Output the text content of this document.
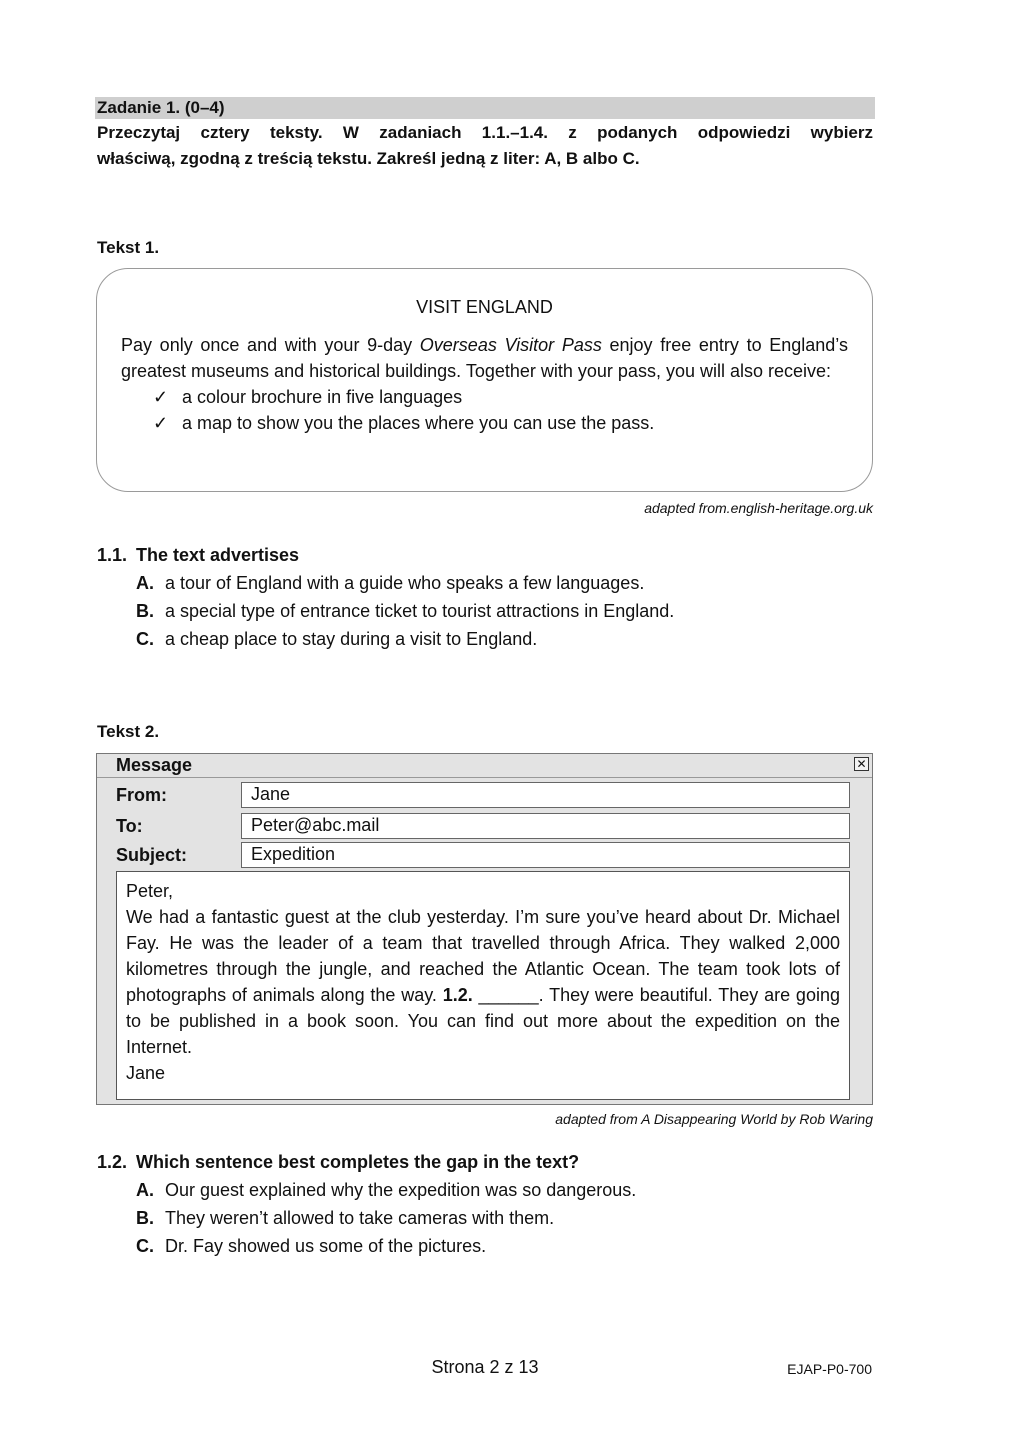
Zadanie 1. (0–4)
Przeczytaj cztery teksty. W zadaniach 1.1.–1.4. z podanych odpowiedzi wybierz
właściwą, zgodną z treścią tekstu. Zakreśl jedną z liter: A, B albo C.
Tekst 1.
VISIT ENGLAND
Pay only once and with your 9-day Overseas Visitor Pass enjoy free entry to England’s greatest museums and historical buildings. Together with your pass, you will also receive:
✓ a colour brochure in five languages
✓ a map to show you the places where you can use the pass.
adapted from.english-heritage.org.uk
1.1. The text advertises
A. a tour of England with a guide who speaks a few languages.
B. a special type of entrance ticket to tourist attractions in England.
C. a cheap place to stay during a visit to England.
Tekst 2.
Message	✕
From:	Jane
To:	Peter@abc.mail
Subject:	Expedition
Peter,
We had a fantastic guest at the club yesterday. I’m sure you’ve heard about Dr. Michael Fay. He was the leader of a team that travelled through Africa. They walked 2,000 kilometres through the jungle, and reached the Atlantic Ocean. The team took lots of photographs of animals along the way. 1.2. ______. They were beautiful. They are going to be published in a book soon. You can find out more about the expedition on the Internet.
Jane
adapted from A Disappearing World by Rob Waring
1.2. Which sentence best completes the gap in the text?
A. Our guest explained why the expedition was so dangerous.
B. They weren’t allowed to take cameras with them.
C. Dr. Fay showed us some of the pictures.
Strona 2 z 13	EJAP-P0-700
